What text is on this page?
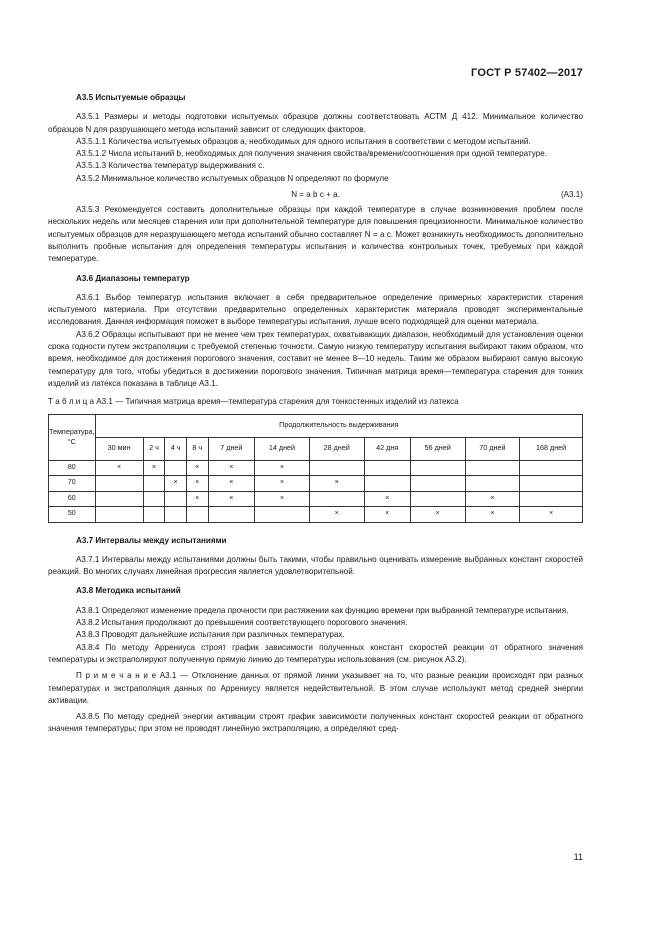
ГОСТ Р 57402—2017

А3.5 Испытуемые образцы

А3.5.1 Размеры и методы подготовки испытуемых образцов должны соответствовать АСТМ Д 412. Минимальное количество образцов N для разрушающего метода испытаний зависит от следующих факторов.

А3.5.1.1 Количества испытуемых образцов a, необходимых для одного испытания в соответствии с методом испытаний.

А3.5.1.2 Числа испытаний b, необходимых для получения значения свойства/времени/соотношения при одной температуре.

А3.5.1.3 Количества температур выдерживания c.

А3.5.2 Минимальное количество испытуемых образцов N определяют по формуле

N = a b c + a.	(А3.1)

А3.5.3 Рекомендуется составить дополнительные образцы при каждой температуре в случае возникновения проблем после нескольких недель или месяцев старения или при дополнительной температуре для повышения прецизионности. Минимальное количество испытуемых образцов для неразрушающего метода испытаний обычно составляет N = a c. Может возникнуть необходимость дополнительно выполнить пробные испытания для определения температуры испытания и количества контрольных точек, требуемых при каждой температуре.

А3.6 Диапазоны температур

А3.6.1 Выбор температур испытания включает в себя предварительное определение примерных характеристик старения испытуемого материала. При отсутствии предварительно определенных характеристик материала проводят экспериментальные исследования. Данная информация поможет в выборе температуры испытания, лучше всего подходящей для оценки материала.

А3.6.2 Образцы испытывают при не менее чем трех температурах, охватывающих диапазон, необходимый для установления оценки срока годности путем экстраполяции с требуемой степенью точности. Самую низкую температуру испытания выбирают таким образом, что время, необходимое для достижения порогового значения, составит не менее 8—10 недель. Таким же образом выбирают самую высокую температуру для того, чтобы убедиться в достижении порогового значения. Типичная матрица время—температура старения для тонких изделий из латекса показана в таблице А3.1.

Т а б л и ц а А3.1 — Типичная матрица время—температура старения для тонкостенных изделий из латекса

Температура, °С	Продолжительность выдерживания										
	30 мин	2 ч	4 ч	8 ч	7 дней	14 дней	28 дней	42 дня	56 дней	70 дней	168 дней
80	×	×		×	×	×					
70			×	×	×	×	×				
60				×	×	×		×		×	
50							×	×	×	×	×

А3.7 Интервалы между испытаниями

А3.7.1 Интервалы между испытаниями должны быть такими, чтобы правильно оценивать измерение выбранных констант скоростей реакций. Во многих случаях линейная прогрессия является удовлетворительной.

А3.8 Методика испытаний

А3.8.1 Определяют изменение предела прочности при растяжении как функцию времени при выбранной температуре испытания.

А3.8.2 Испытания продолжают до превышения соответствующего порогового значения.

А3.8.3 Проводят дальнейшие испытания при различных температурах.

А3.8.4 По методу Аррениуса строят график зависимости полученных констант скоростей реакции от обратного значения температуры и экстраполируют полученную прямую линию до температуры использования (см. рисунок А3.2).

П р и м е ч а н и е А3.1 — Отклонение данных от прямой линии указывает на то, что разные реакции происходят при разных температурах и экстраполяция данных по Аррениусу является недействительной. В этом случае используют метод средней энергии активации.

А3.8.5 По методу средней энергии активации строят график зависимости полученных констант скоростей реакции от обратного значения температуры; при этом не проводят линейную экстраполяцию, а определяют сред-

11
